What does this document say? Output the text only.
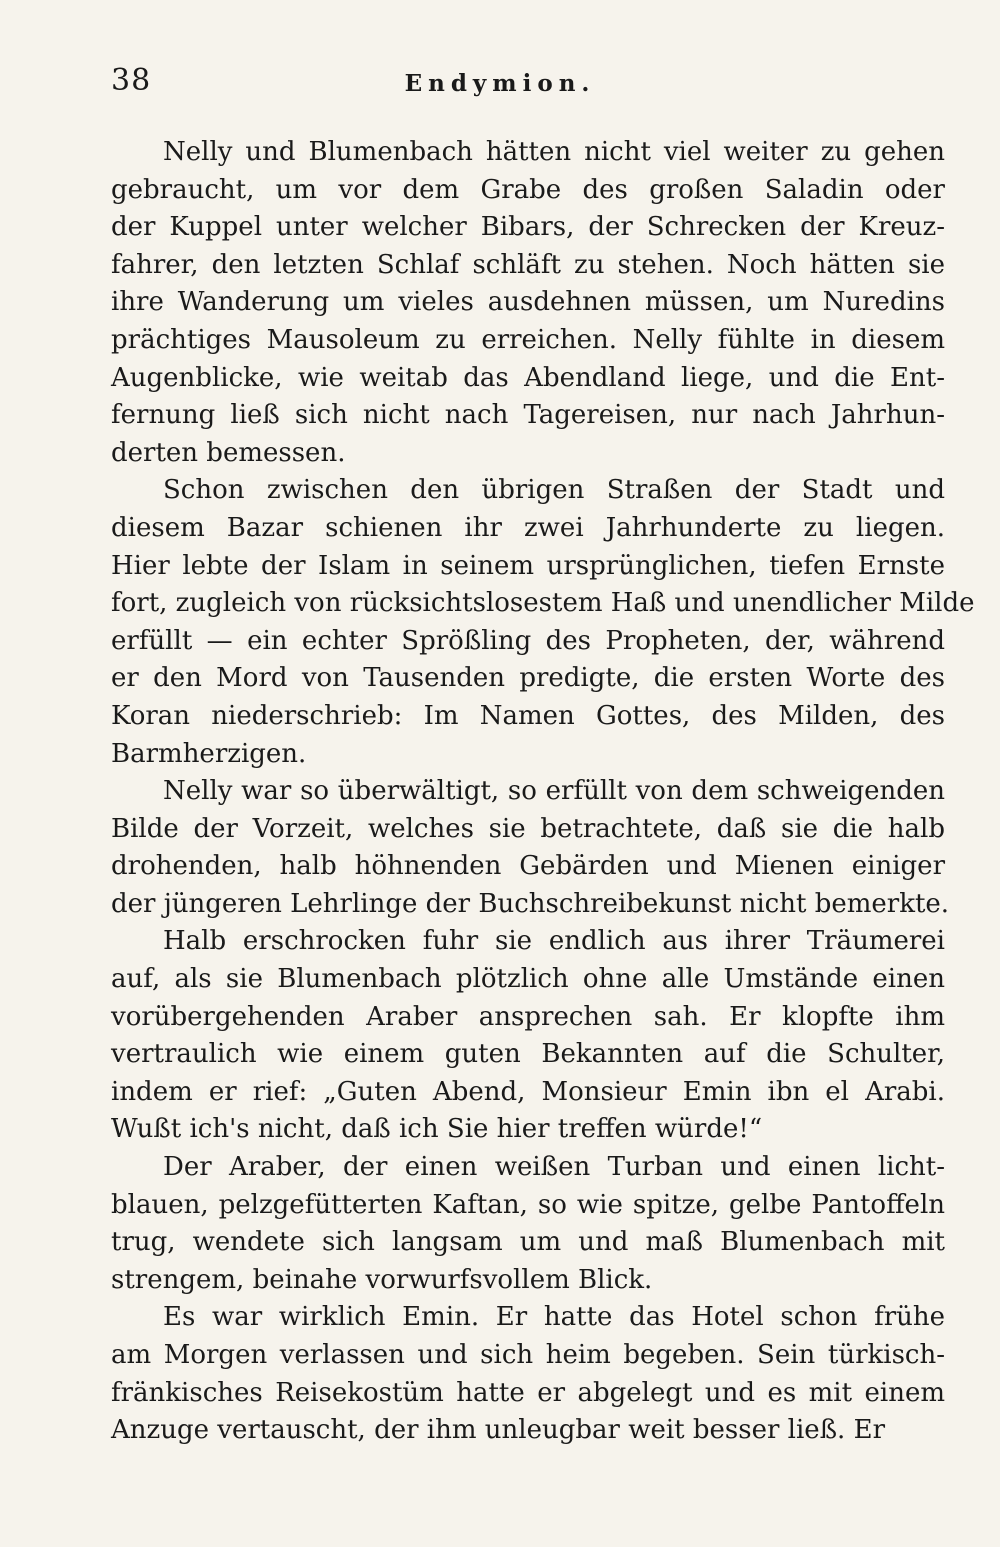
38	Endymion.
Nelly und Blumenbach hätten nicht viel weiter zu gehen
gebraucht, um vor dem Grabe des großen Saladin oder
der Kuppel unter welcher Bibars, der Schrecken der Kreuz-
fahrer, den letzten Schlaf schläft zu stehen. Noch hätten sie
ihre Wanderung um vieles ausdehnen müssen, um Nuredins
prächtiges Mausoleum zu erreichen. Nelly fühlte in diesem
Augenblicke, wie weitab das Abendland liege, und die Ent-
fernung ließ sich nicht nach Tagereisen, nur nach Jahrhun-
derten bemessen.
Schon zwischen den übrigen Straßen der Stadt und
diesem Bazar schienen ihr zwei Jahrhunderte zu liegen.
Hier lebte der Islam in seinem ursprünglichen, tiefen Ernste
fort, zugleich von rücksichtslosestem Haß und unendlicher Milde
erfüllt — ein echter Sprößling des Propheten, der, während
er den Mord von Tausenden predigte, die ersten Worte des
Koran niederschrieb: Im Namen Gottes, des Milden, des
Barmherzigen.
Nelly war so überwältigt, so erfüllt von dem schweigenden
Bilde der Vorzeit, welches sie betrachtete, daß sie die halb
drohenden, halb höhnenden Gebärden und Mienen einiger
der jüngeren Lehrlinge der Buchschreibekunst nicht bemerkte.
Halb erschrocken fuhr sie endlich aus ihrer Träumerei
auf, als sie Blumenbach plötzlich ohne alle Umstände einen
vorübergehenden Araber ansprechen sah. Er klopfte ihm
vertraulich wie einem guten Bekannten auf die Schulter,
indem er rief: „Guten Abend, Monsieur Emin ibn el Arabi.
Wußt ich's nicht, daß ich Sie hier treffen würde!“
Der Araber, der einen weißen Turban und einen licht-
blauen, pelzgefütterten Kaftan, so wie spitze, gelbe Pantoffeln
trug, wendete sich langsam um und maß Blumenbach mit
strengem, beinahe vorwurfsvollem Blick.
Es war wirklich Emin. Er hatte das Hotel schon frühe
am Morgen verlassen und sich heim begeben. Sein türkisch-
fränkisches Reisekostüm hatte er abgelegt und es mit einem
Anzuge vertauscht, der ihm unleugbar weit besser ließ. Er
